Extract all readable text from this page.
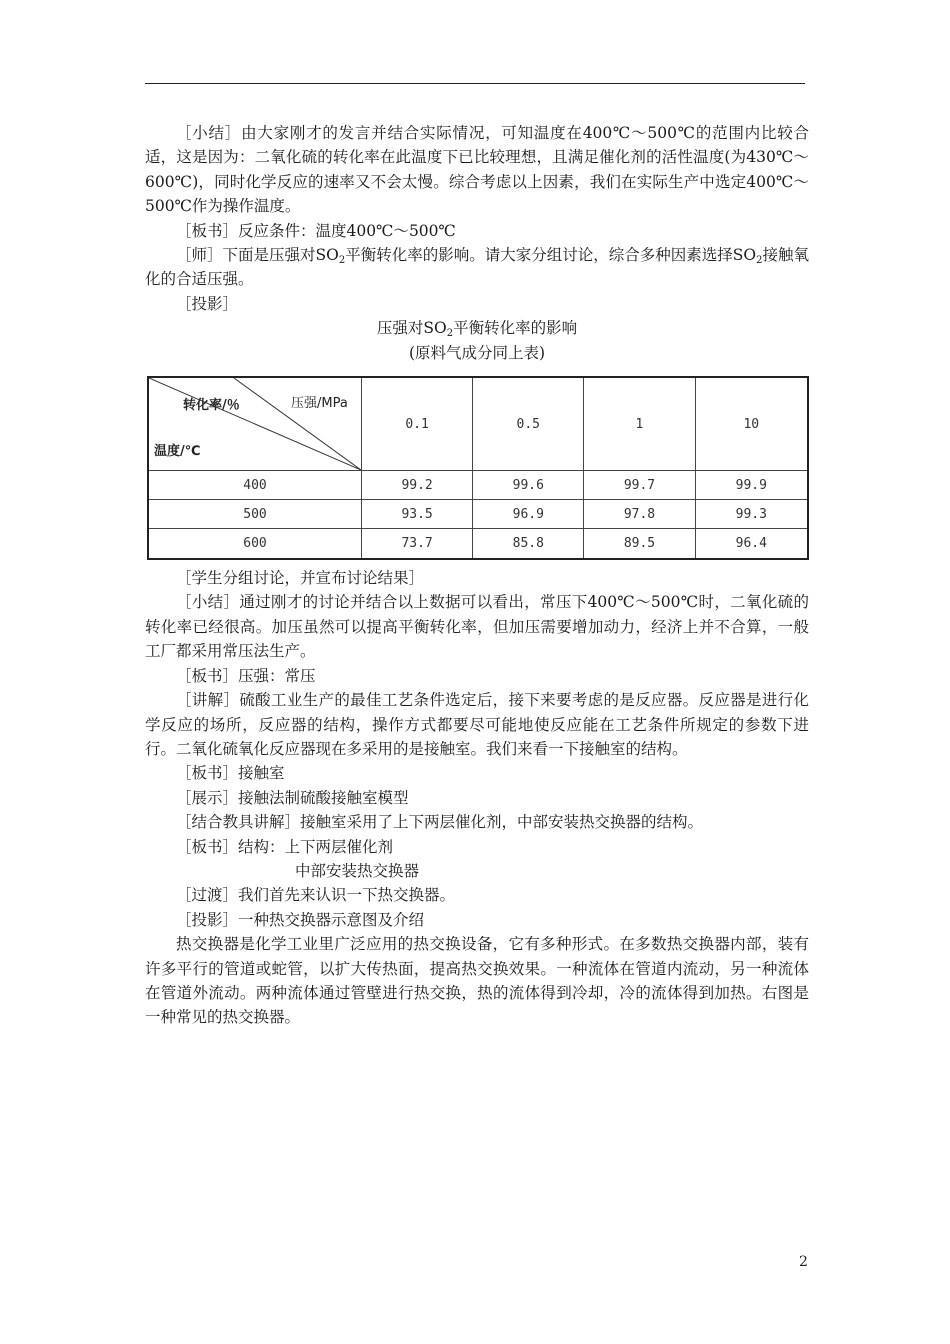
［小结］由大家刚才的发言并结合实际情况，可知温度在400℃～500℃的范围内比较合适，这是因为：二氧化硫的转化率在此温度下已比较理想，且满足催化剂的活性温度(为430℃～600℃)，同时化学反应的速率又不会太慢。综合考虑以上因素，我们在实际生产中选定400℃～500℃作为操作温度。

［板书］反应条件：温度400℃～500℃

［师］下面是压强对$SO_2$平衡转化率的影响。请大家分组讨论，综合多种因素选择$SO_2$接触氧化的合适压强。

［投影］

压强对$SO_2$平衡转化率的影响

(原料气成分同上表)

［学生分组讨论，并宣布讨论结果］

［小结］通过刚才的讨论并结合以上数据可以看出，常压下400℃～500℃时，二氧化硫的转化率已经很高。加压虽然可以提高平衡转化率，但加压需要增加动力，经济上并不合算，一般工厂都采用常压法生产。

［板书］压强：常压

［讲解］硫酸工业生产的最佳工艺条件选定后，接下来要考虑的是反应器。反应器是进行化学反应的场所，反应器的结构，操作方式都要尽可能地使反应能在工艺条件所规定的参数下进行。二氧化硫氧化反应器现在多采用的是接触室。我们来看一下接触室的结构。

［板书］接触室

［展示］接触法制硫酸接触室模型

［结合教具讲解］接触室采用了上下两层催化剂，中部安装热交换器的结构。

［板书］结构：上下两层催化剂

中部安装热交换器

［过渡］我们首先来认识一下热交换器。

［投影］一种热交换器示意图及介绍

热交换器是化学工业里广泛应用的热交换设备，它有多种形式。在多数热交换器内部，装有许多平行的管道或蛇管，以扩大传热面，提高热交换效果。一种流体在管道内流动，另一种流体在管道外流动。两种流体通过管壁进行热交换，热的流体得到冷却，冷的流体得到加热。右图是一种常见的热交换器。

转化率/％ 压强/MPa
温度/℃	0.1	0.5	1	10
400	99.2	99.6	99.7	99.9
500	93.5	96.9	97.8	99.3
600	73.7	85.8	89.5	96.4
2
